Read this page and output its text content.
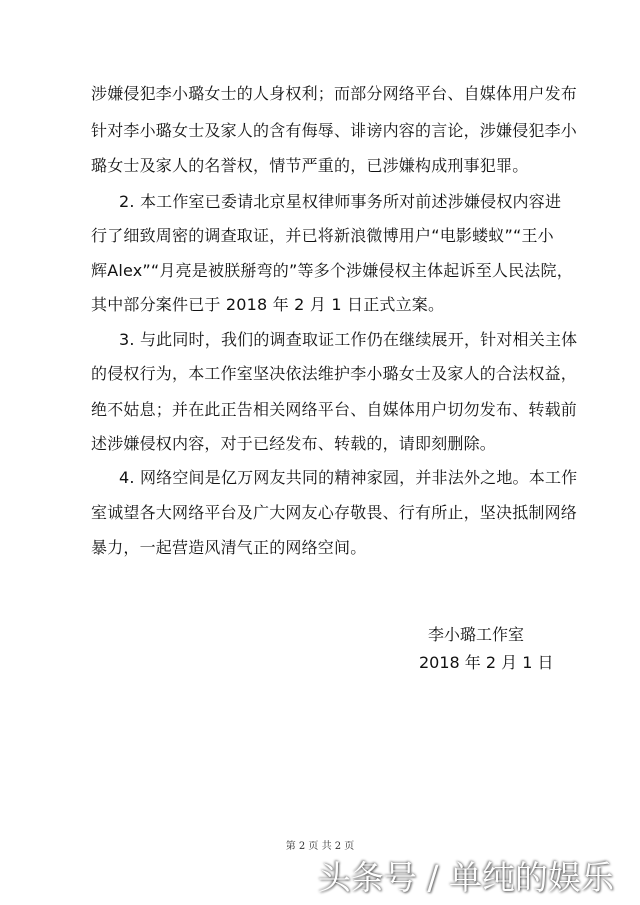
涉嫌侵犯李小璐女士的人身权利；而部分网络平台、自媒体用户发布
针对李小璐女士及家人的含有侮辱、诽谤内容的言论，涉嫌侵犯李小
璐女士及家人的名誉权，情节严重的，已涉嫌构成刑事犯罪。
2. 本工作室已委请北京星权律师事务所对前述涉嫌侵权内容进
行了细致周密的调查取证，并已将新浪微博用户“电影蝼蚁”“王小
辉Alex”“月亮是被朕掰弯的”等多个涉嫌侵权主体起诉至人民法院，
其中部分案件已于 2018 年 2 月 1 日正式立案。
3. 与此同时，我们的调查取证工作仍在继续展开，针对相关主体
的侵权行为，本工作室坚决依法维护李小璐女士及家人的合法权益，
绝不姑息；并在此正告相关网络平台、自媒体用户切勿发布、转载前
述涉嫌侵权内容，对于已经发布、转载的，请即刻删除。
4. 网络空间是亿万网友共同的精神家园，并非法外之地。本工作
室诚望各大网络平台及广大网友心存敬畏、行有所止，坚决抵制网络
暴力，一起营造风清气正的网络空间。
李小璐工作室
2018 年 2 月 1 日
第 2 页 共 2 页
头条号 / 单纯的娱乐
